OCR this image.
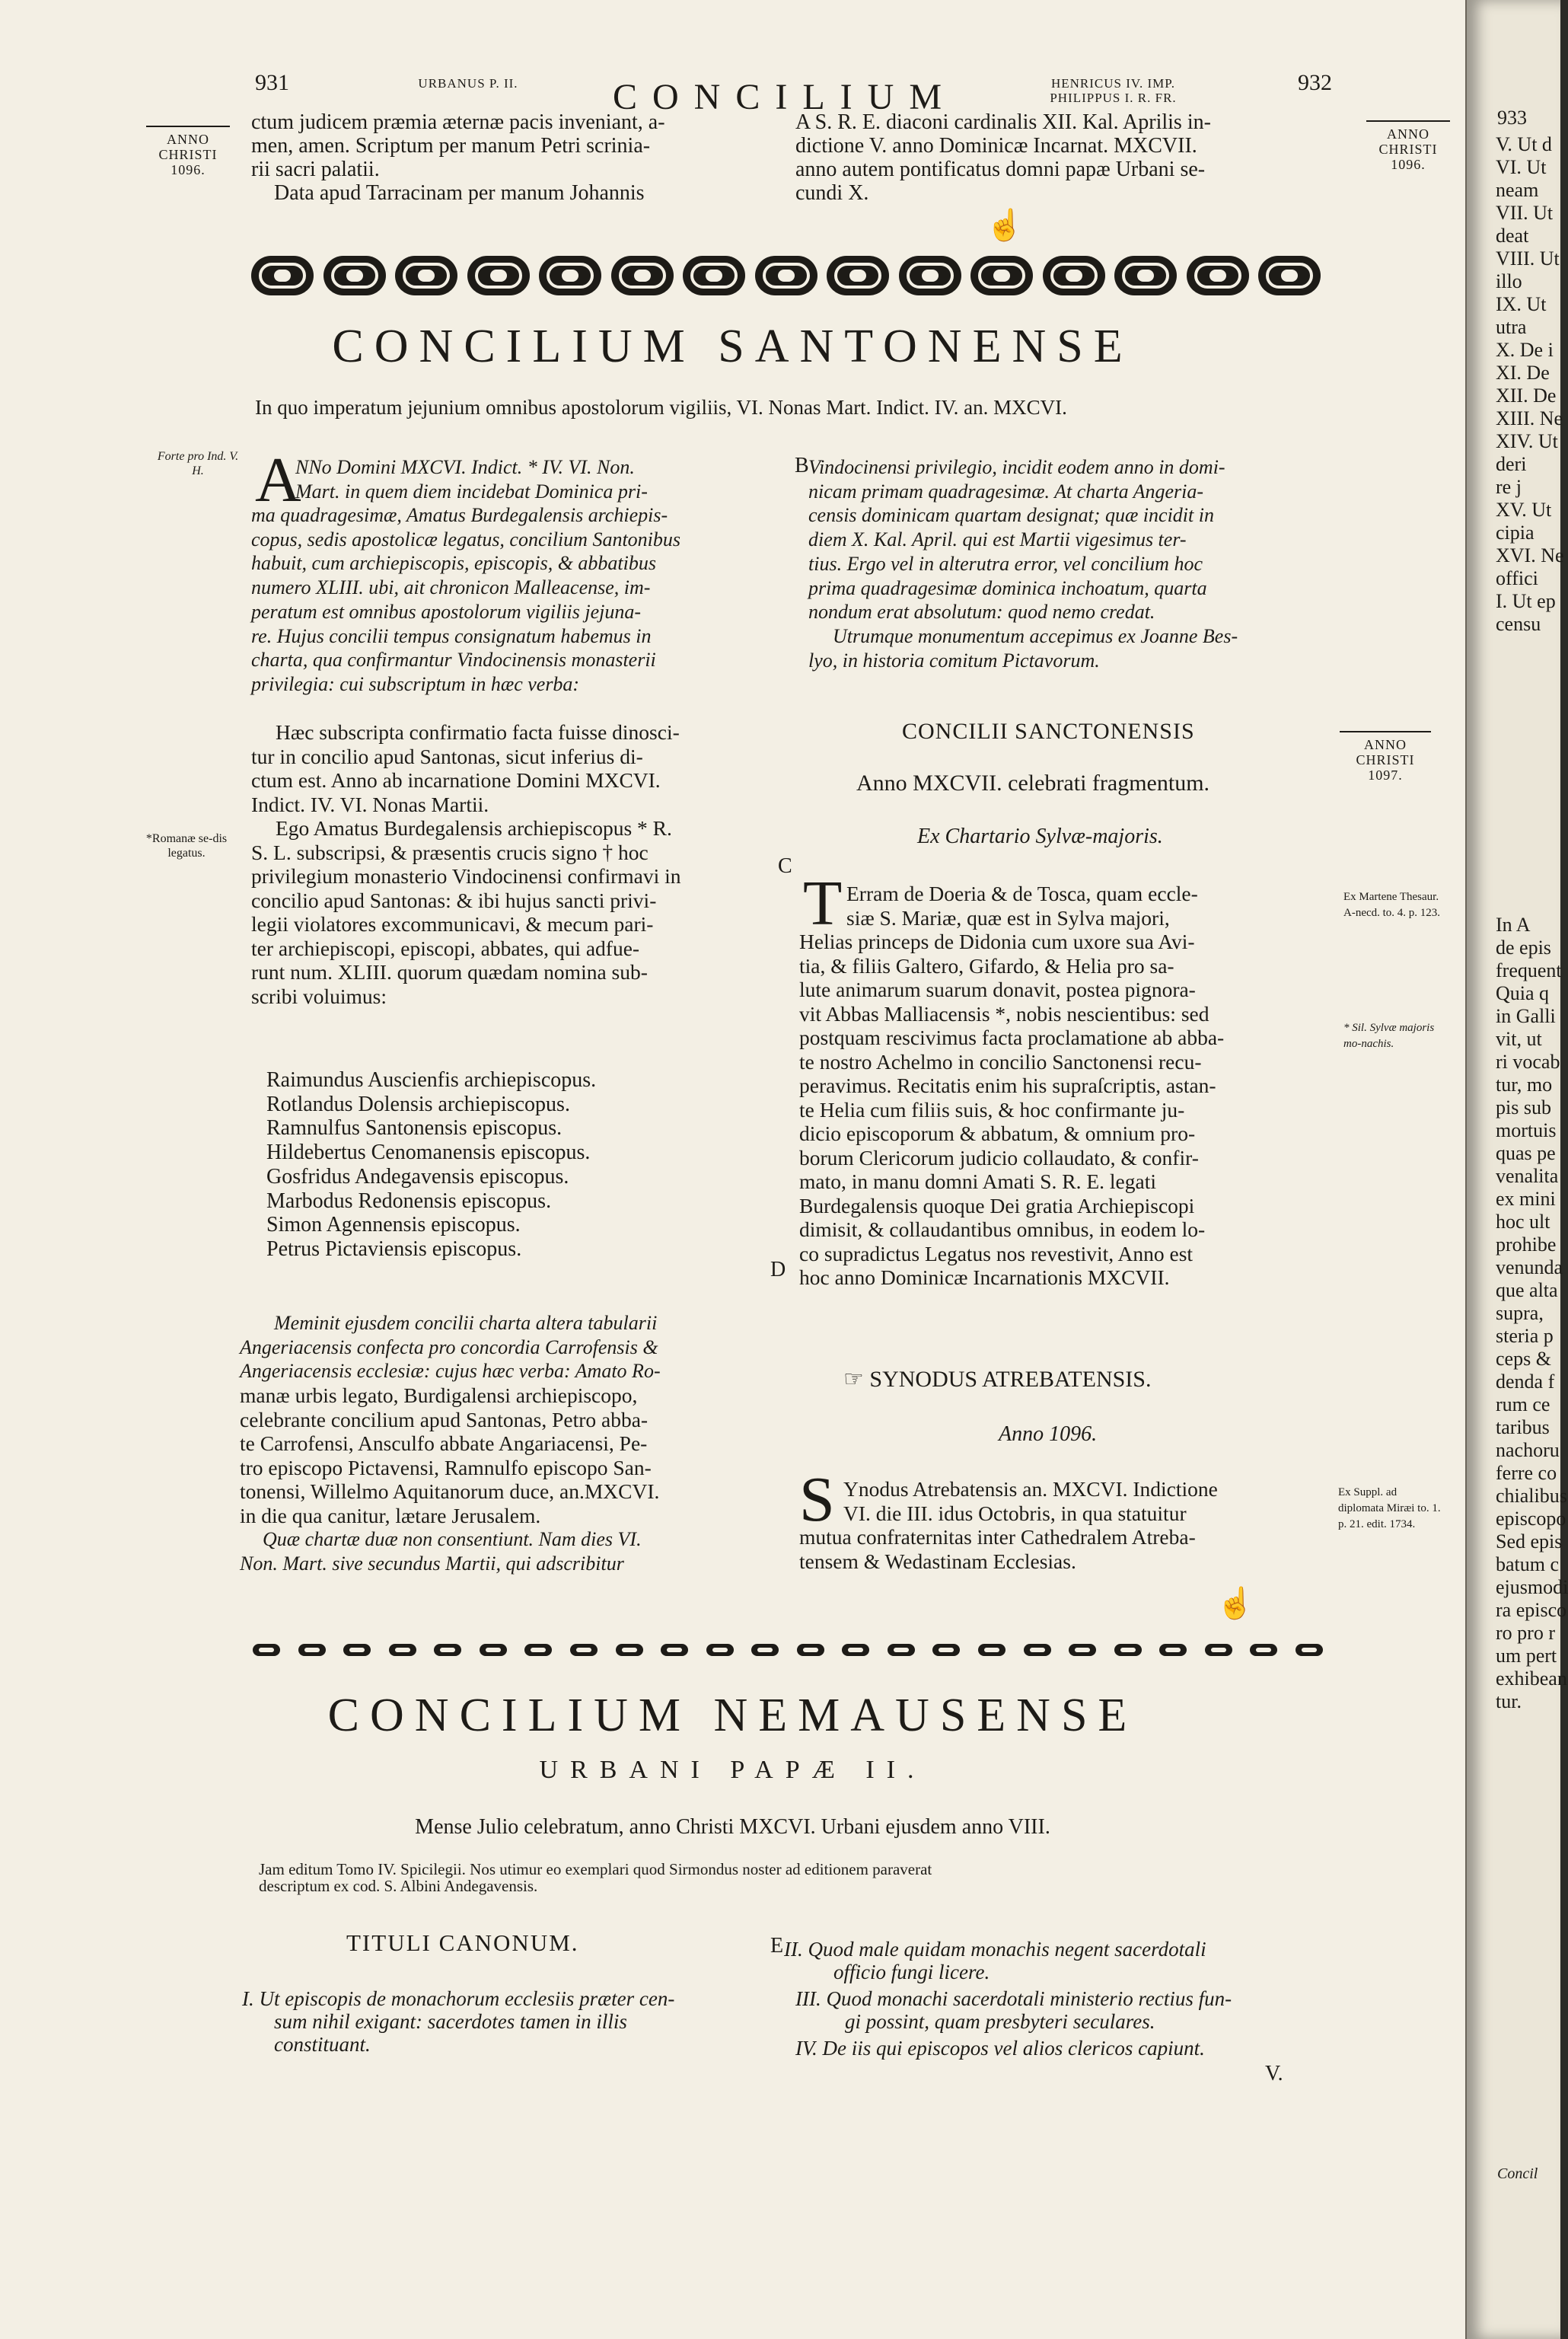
931	URBANUS P. II.	CONCILIUM	HENRICUS IV. IMP. PHILIPPUS I. R. FR.
932
ANNO
CHRISTI
1096.
ANNO
CHRISTI
1096.
ANNO
CHRISTI
1097.
ctum judicem præmia æternæ pacis inveniant, a-
men, amen. Scriptum per manum Petri scrinia-
rii sacri palatii.
Data apud Tarracinam per manum Johannis
A S. R. E. diaconi cardinalis XII. Kal. Aprilis in-
dictione V. anno Dominicæ Incarnat. MXCVII.
anno autem pontificatus domni papæ Urbani se-
cundi X.
☝
CONCILIUM SANTONENSE
In quo imperatum jejunium omnibus apostolorum vigiliis, VI. Nonas Mart. Indict. IV. an. MXCVI.
Forte pro Ind. V. H.
*Romanæ se-dis legatus.
A
NNo Domini MXCVI. Indict. * IV. VI. Non.
Mart. in quem diem incidebat Dominica pri-
ma quadragesimæ, Amatus Burdegalensis archiepis-
copus, sedis apostolicæ legatus, concilium Santonibus
habuit, cum archiepiscopis, episcopis, & abbatibus
numero XLIII. ubi, ait chronicon Malleacense, im-
peratum est omnibus apostolorum vigiliis jejuna-
re. Hujus concilii tempus consignatum habemus in
charta, qua confirmantur Vindocinensis monasterii
privilegia: cui subscriptum in hæc verba:
Hæc subscripta confirmatio facta fuisse dinosci-
tur in concilio apud Santonas, sicut inferius di-
ctum est. Anno ab incarnatione Domini MXCVI.
Indict. IV. VI. Nonas Martii.
Ego Amatus Burdegalensis archiepiscopus * R.
S. L. subscripsi, & præsentis crucis signo † hoc
privilegium monasterio Vindocinensi confirmavi in
concilio apud Santonas: & ibi hujus sancti privi-
legii violatores excommunicavi, & mecum pari-
ter archiepiscopi, episcopi, abbates, qui adfue-
runt num. XLIII. quorum quædam nomina sub-
scribi voluimus:
Raimundus Auscienfis archiepiscopus.
Rotlandus Dolensis archiepiscopus.
Ramnulfus Santonensis episcopus.
Hildebertus Cenomanensis episcopus.
Gosfridus Andegavensis episcopus.
Marbodus Redonensis episcopus.
Simon Agennensis episcopus.
Petrus Pictaviensis episcopus.
Meminit ejusdem concilii charta altera tabularii
Angeriacensis confecta pro concordia Carrofensis &
Angeriacensis ecclesiæ: cujus hæc verba: Amato Ro-
manæ urbis legato, Burdigalensi archiepiscopo,
celebrante concilium apud Santonas, Petro abba-
te Carrofensi, Ansculfo abbate Angariacensi, Pe-
tro episcopo Pictavensi, Ramnulfo episcopo San-
tonensi, Willelmo Aquitanorum duce, an.MXCVI.
in die qua canitur, lætare Jerusalem.
Quæ chartæ duæ non consentiunt. Nam dies VI.
Non. Mart. sive secundus Martii, qui adscribitur
B
C
D
Vindocinensi privilegio, incidit eodem anno in domi-
nicam primam quadragesimæ. At charta Angeria-
censis dominicam quartam designat; quæ incidit in
diem X. Kal. April. qui est Martii vigesimus ter-
tius. Ergo vel in alterutra error, vel concilium hoc
prima quadragesimæ dominica inchoatum, quarta
nondum erat absolutum: quod nemo credat.
Utrumque monumentum accepimus ex Joanne Bes-
lyo, in historia comitum Pictavorum.
CONCILII SANCTONENSIS
Anno MXCVII. celebrati fragmentum.
Ex Chartario Sylvæ-majoris.
T Erram de Doeria & de Tosca, quam eccle-
siæ S. Mariæ, quæ est in Sylva majori,
Helias princeps de Didonia cum uxore sua Avi-
tia, & filiis Galtero, Gifardo, & Helia pro sa-
lute animarum suarum donavit, postea pignora-
vit Abbas Malliacensis *, nobis nescientibus: sed
postquam rescivimus facta proclamatione ab abba-
te nostro Achelmo in concilio Sanctonensi recu-
peravimus. Recitatis enim his supraſcriptis, astan-
te Helia cum filiis suis, & hoc confirmante ju-
dicio episcoporum & abbatum, & omnium pro-
borum Clericorum judicio collaudato, & confir-
mato, in manu domni Amati S. R. E. legati
Burdegalensis quoque Dei gratia Archiepiscopi
dimisit, & collaudantibus omnibus, in eodem lo-
co supradictus Legatus nos revestivit, Anno est
hoc anno Dominicæ Incarnationis MXCVII.
Ex Martene Thesaur. A-necd. to. 4. p. 123.
* Sil. Sylvæ majoris mo-nachis.
☞ SYNODUS ATREBATENSIS.
Anno 1096.
S Ynodus Atrebatensis an. MXCVI. Indictione
VI. die III. idus Octobris, in qua statuitur
mutua confraternitas inter Cathedralem Atreba-
tensem & Wedastinam Ecclesias.
Ex Suppl. ad diplomata Miræi to. 1. p. 21. edit. 1734.
☝
CONCILIUM NEMAUSENSE
URBANI PAPÆ II.
Mense Julio celebratum, anno Christi MXCVI. Urbani ejusdem anno VIII.
Jam editum Tomo IV. Spicilegii. Nos utimur eo exemplari quod Sirmondus noster ad editionem paraverat
descriptum ex cod. S. Albini Andegavensis.
TITULI CANONUM.
I. Ut episcopis de monachorum ecclesiis præter cen-
sum nihil exigant: sacerdotes tamen in illis
constituant.
E II. Quod male quidam monachis negent sacerdotali
officio fungi licere.
III. Quod monachi sacerdotali ministerio rectius fun-
gi possint, quam presbyteri seculares.
IV. De iis qui episcopos vel alios clericos capiunt.
V.
933
V. Ut d
VI. Ut
neam
VII. Ut
deat
VIII. Ut
illo
IX. Ut
utra
X. De i
XI. De
XII. De
XIII. Ne
XIV. Ut
deri
re j
XV. Ut
cipia
XVI. Ne
offici
I. Ut ep
censu
In A
de epis
frequent
Quia q
in Galli
vit, ut
ri vocab
tur, mo
pis sub
mortuis
quas pe
venalita
ex mini
hoc ult
prohibe
venunda
que alta
supra,
steria p
ceps &
denda f
rum ce
taribus
nachoru
ferre co
chialibus
episcopo
Sed epis
batum c
ejusmodi
ra episco
ro pro r
um pert
exhibean
tur.
Concil
